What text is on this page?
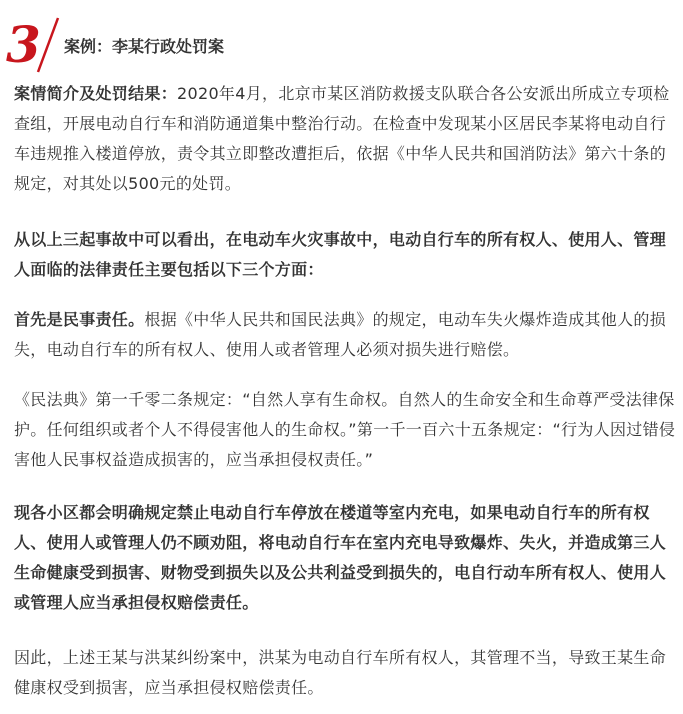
3 案例：李某行政处罚案

案情简介及处罚结果：2020年4月，北京市某区消防救援支队联合各公安派出所成立专项检查组，开展电动自行车和消防通道集中整治行动。在检查中发现某小区居民李某将电动自行车违规推入楼道停放，责令其立即整改遭拒后，依据《中华人民共和国消防法》第六十条的规定，对其处以500元的处罚。

从以上三起事故中可以看出，在电动车火灾事故中，电动自行车的所有权人、使用人、管理人面临的法律责任主要包括以下三个方面：

首先是民事责任。根据《中华人民共和国民法典》的规定，电动车失火爆炸造成其他人的损失，电动自行车的所有权人、使用人或者管理人必须对损失进行赔偿。

《民法典》第一千零二条规定：“自然人享有生命权。自然人的生命安全和生命尊严受法律保护。任何组织或者个人不得侵害他人的生命权。”第一千一百六十五条规定：“行为人因过错侵害他人民事权益造成损害的，应当承担侵权责任。”

现各小区都会明确规定禁止电动自行车停放在楼道等室内充电，如果电动自行车的所有权人、使用人或管理人仍不顾劝阻，将电动自行车在室内充电导致爆炸、失火，并造成第三人生命健康受到损害、财物受到损失以及公共利益受到损失的，电自行动车所有权人、使用人或管理人应当承担侵权赔偿责任。

因此，上述王某与洪某纠纷案中，洪某为电动自行车所有权人，其管理不当，导致王某生命健康权受到损害，应当承担侵权赔偿责任。
